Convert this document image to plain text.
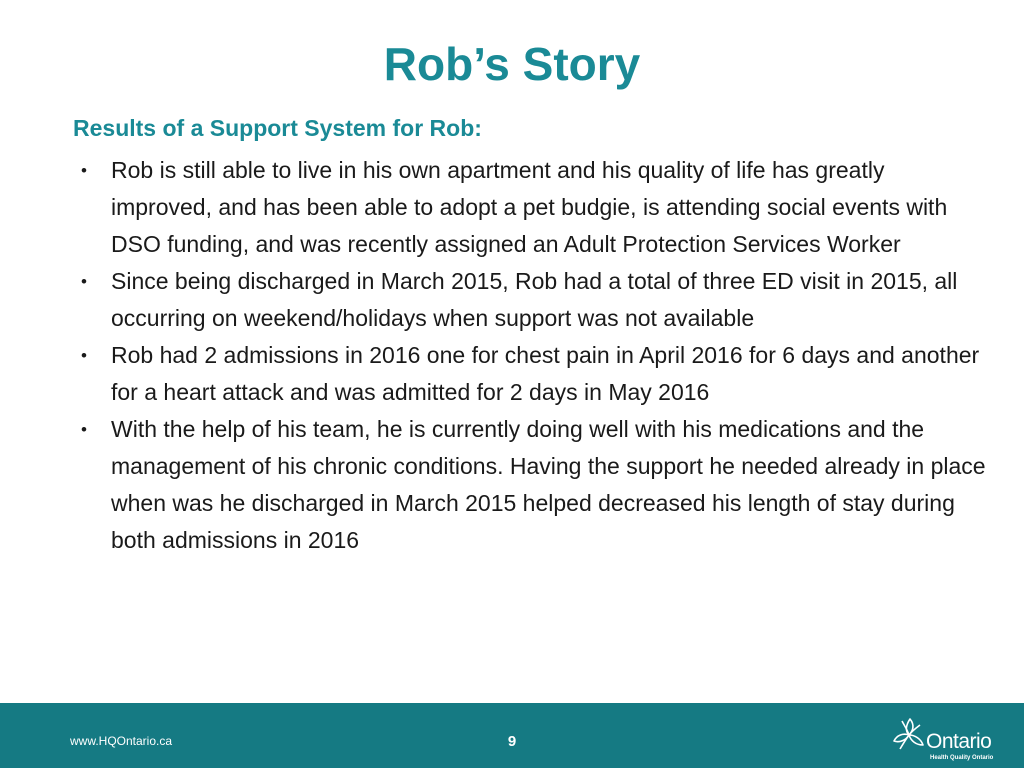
Rob’s Story
Results of a Support System for Rob:
• Rob is still able to live in his own apartment and his quality of life has greatly improved, and has been able to adopt a pet budgie, is attending social events with DSO funding, and was recently assigned an Adult Protection Services Worker
• Since being discharged in March 2015, Rob had a total of three ED visit in 2015, all occurring on weekend/holidays when support was not available
• Rob had 2 admissions in 2016 one for chest pain in April 2016 for 6 days and another for a heart attack and was admitted for 2 days in May 2016
• With the help of his team, he is currently doing well with his medications and the management of his chronic conditions. Having the support he needed already in place when was he discharged in March 2015 helped decreased his length of stay during both admissions in 2016
www.HQOntario.ca	9	Ontario
Health Quality Ontario
